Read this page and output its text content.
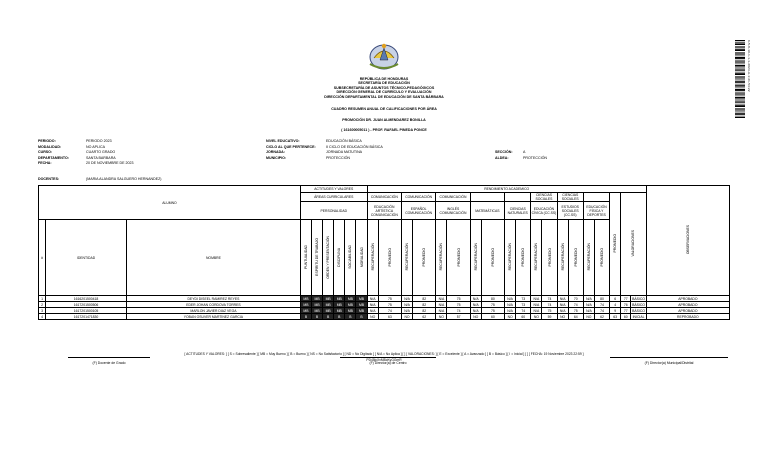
6-5-8-10-1-1-1-2023-A-1:21-53:22
REPÚBLICA DE HONDURAS
SECRETARÍA DE EDUCACIÓN
SUBSECRETARÍA DE ASUNTOS TÉCNICO-PEDAGÓGICOS
DIRECCIÓN GENERAL DE CURRÍCULO Y EVALUACIÓN
DIRECCIÓN DEPARTAMENTAL DE EDUCACIÓN DE SANTA BÁRBARA
CUADRO RESUMEN ANUAL DE CALIFICACIONES POR ÁREA
PROMOCIÓN DR. JUAN ALMENDAREZ BONILLA
( 161600005011 ) - PROF. RAFAEL PINEDA PONCE
PERIODO:	PERIODO 2023
MODALIDAD:	NO APLICA
CURSO:	CUARTO GRADO
DEPARTAMENTO:	SANTA BARBARA
FECHA:	20 DE NOVIEMBRE DE 2023
NIVEL EDUCATIVO:	EDUCACIÓN BÁSICA
CICLO AL QUE PERTENECE:	II CICLO DE EDUCACIÓN BÁSICA
JORNADA:	JORNADA MATUTINA
MUNICIPIO:	PROTECCIÓN
SECCIÓN:	A
ALDEA:	PROTECCIÓN
DOCENTES:	(MARIA ALANDRA SALGUERO HERNANDEZ)
ALUMNO			ACTITUDES Y VALORES						RENDIMIENTO ACADEMICO																			OBSERVACIONES
			ÁREAS CURRICULARES						COMUNICACIÓN		COMUNICACIÓN		COMUNICACIÓN						CIENCIAS SOCIALES		CIENCIAS SOCIALES				PROMEDIO	VALORACIONES		
			PERSONALIDAD						EDUCACIÓN ARTÍSTICA COMUNICACIÓN		ESPAÑOL COMUNICACIÓN		INGLÉS COMUNICACIÓN		MATEMÁTICAS		CIENCIAS NATURALES		EDUCACIÓN CÍVICA (CC.SS)		ESTUDIOS SOCIALES (CC.SS)		EDUCACIÓN FÍSICA Y DEPORTES					
#	IDENTIDAD	NOMBRE	PUNTUALIDAD	ESPÍRITU DE TRABAJO	ORDEN Y PRESENTACIÓN	DISCIPLINA	SOCIABILIDAD	MORALIDAD	RECUPERACIÓN	PROMEDIO	RECUPERACIÓN	PROMEDIO	RECUPERACIÓN	PROMEDIO	RECUPERACIÓN	PROMEDIO	RECUPERACIÓN	PROMEDIO	RECUPERACIÓN	PROMEDIO	RECUPERACIÓN	PROMEDIO	RECUPERACIÓN	PROMEDIO				
1	1616201500418	DEYDI DISEEL RAMIREZ REYES	MB	MB	MB	MB	MB	MB	N/A	75	N/A	82	N/A	75	N/A	80	N/A	73	N/A	74	N/A	70	N/A	80	6	77	BÁSICO	APROBADO
2	1617201500506	EDER JOHAN CORDOVA TORRES	MB	MB	MB	MB	MB	MB	N/A	75	N/A	82	N/A	75	N/A	75	N/A	73	N/A	74	N/A	74	N/A	74	4	76	BÁSICO	APROBADO
3	1617201500105	MARLON JAVIER DIAZ VEGA	MB	MB	MB	MB	MB	MB	N/A	74	N/A	82	N/A	74	N/A	75	N/A	74	N/A	75	N/A	75	N/A	74	9	77	BÁSICO	APROBADO
4	1617201471830	YOBAN OSUVER MARTINEZ GARCIA	B	B	B	B	B	B	NO	63	NO	62	NO	57	NO	60	NO	60	NO	59	NO	64	NO	62	63	60	INICIAL	REPROBADO
[ ACTITUDES Y VALORES: ] [ S = Sobresaliente ] [ MB = Muy Bueno ] [ B = Bueno ] [ NS = No Satisfactorio ] [ ND = No Digitado ] [ N/A = No Aplica ] [ ] [ VALORACIONES: ] [ E = Excelente ] [ A = Avanzado ] [ B = Básico ] [ I = Inicial ] [ ] [ FECHA: 19 Noviembre 2023 22:59 ]
PD45jcXvMBcKyGGmR
(F) Docente de Grado	(F) Director(a) de Centro	(F) Director(a) Municipal/Distrital
